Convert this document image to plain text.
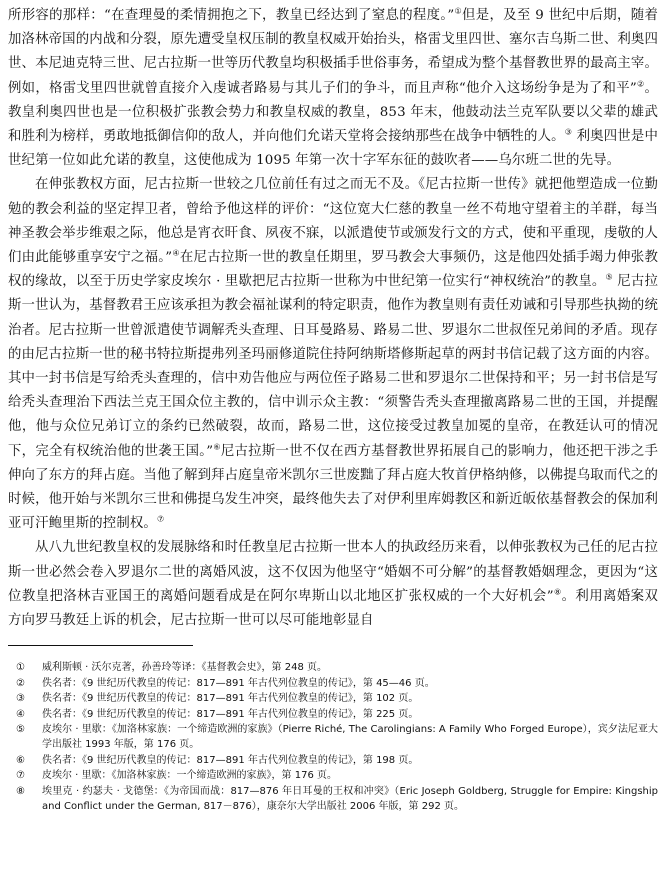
所形容的那样：“在查理曼的柔情拥抱之下，教皇已经达到了窒息的程度。”①但是，及至 9 世纪中后期，随着加洛林帝国的内战和分裂，原先遭受皇权压制的教皇权威开始抬头，格雷戈里四世、塞尔吉乌斯二世、利奥四世、本尼迪克特三世、尼古拉斯一世等历代教皇均积极插手世俗事务，希望成为整个基督教世界的最高主宰。例如，格雷戈里四世就曾直接介入虔诚者路易与其儿子们的争斗，而且声称“他介入这场纷争是为了和平”②。教皇利奥四世也是一位积极扩张教会势力和教皇权威的教皇，853 年末，他鼓动法兰克军队要以父辈的雄武和胜利为榜样，勇敢地抵御信仰的敌人，并向他们允诺天堂将会接纳那些在战争中牺牲的人。③ 利奥四世是中世纪第一位如此允诺的教皇，这使他成为 1095 年第一次十字军东征的鼓吹者——乌尔班二世的先导。

在伸张教权方面，尼古拉斯一世较之几位前任有过之而无不及。《尼古拉斯一世传》就把他塑造成一位勤勉的教会利益的坚定捍卫者，曾给予他这样的评价：“这位宽大仁慈的教皇一丝不苟地守望着主的羊群，每当神圣教会举步维艰之际，他总是宵衣旰食、夙夜不寐，以派遣使节或颁发行文的方式，使和平重现，虔敬的人们由此能够重享安宁之福。”④在尼古拉斯一世的教皇任期里，罗马教会大事频仍，这是他四处插手竭力伸张教权的缘故，以至于历史学家皮埃尔 · 里歇把尼古拉斯一世称为中世纪第一位实行“神权统治”的教皇。⑤ 尼古拉斯一世认为，基督教君王应该承担为教会福祉谋利的特定职责，他作为教皇则有责任劝诫和引导那些执拗的统治者。尼古拉斯一世曾派遣使节调解秃头查理、日耳曼路易、路易二世、罗退尔二世叔侄兄弟间的矛盾。现存的由尼古拉斯一世的秘书特拉斯提弗列圣玛丽修道院住持阿纳斯塔修斯起草的两封书信记载了这方面的内容。其中一封书信是写给秃头查理的，信中劝告他应与两位侄子路易二世和罗退尔二世保持和平；另一封书信是写给秃头查理治下西法兰克王国众位主教的，信中训示众主教：“须警告秃头查理撤离路易二世的王国，并提醒他，他与众位兄弟订立的条约已然破裂，故而，路易二世，这位接受过教皇加冕的皇帝，在教廷认可的情况下，完全有权统治他的世袭王国。”⑥尼古拉斯一世不仅在西方基督教世界拓展自己的影响力，他还把干涉之手伸向了东方的拜占庭。当他了解到拜占庭皇帝米凯尔三世废黜了拜占庭大牧首伊格纳修，以佛提乌取而代之的时候，他开始与米凯尔三世和佛提乌发生冲突，最终他失去了对伊利里库姆教区和新近皈依基督教会的保加利亚可汗鲍里斯的控制权。⑦

从八九世纪教皇权的发展脉络和时任教皇尼古拉斯一世本人的执政经历来看，以伸张教权为己任的尼古拉斯一世必然会卷入罗退尔二世的离婚风波，这不仅因为他坚守“婚姻不可分解”的基督教婚姻理念，更因为“这位教皇把洛林吉亚国王的离婚问题看成是在阿尔卑斯山以北地区扩张权威的一个大好机会”⑧。利用离婚案双方向罗马教廷上诉的机会，尼古拉斯一世可以尽可能地彰显自

①	威利斯顿 · 沃尔克著，孙善玲等译：《基督教会史》，第 248 页。
②	佚名者：《9 世纪历代教皇的传记：817—891 年古代列位教皇的传记》，第 45—46 页。
③	佚名者：《9 世纪历代教皇的传记：817—891 年古代列位教皇的传记》，第 102 页。
④	佚名者：《9 世纪历代教皇的传记：817—891 年古代列位教皇的传记》，第 225 页。
⑤	皮埃尔 · 里歇：《加洛林家族：一个缔造欧洲的家族》（Pierre Riché, The Carolingians: A Family Who Forged Europe），宾夕法尼亚大学出版社 1993 年版，第 176 页。
⑥	佚名者：《9 世纪历代教皇的传记：817—891 年古代列位教皇的传记》，第 198 页。
⑦	皮埃尔 · 里歇：《加洛林家族：一个缔造欧洲的家族》，第 176 页。
⑧	埃里克 · 约瑟夫 · 戈德堡：《为帝国而战：817—876 年日耳曼的王权和冲突》（Eric Joseph Goldberg, Struggle for Empire: Kingship and Conflict under the German, 817－876），康奈尔大学出版社 2006 年版，第 292 页。
